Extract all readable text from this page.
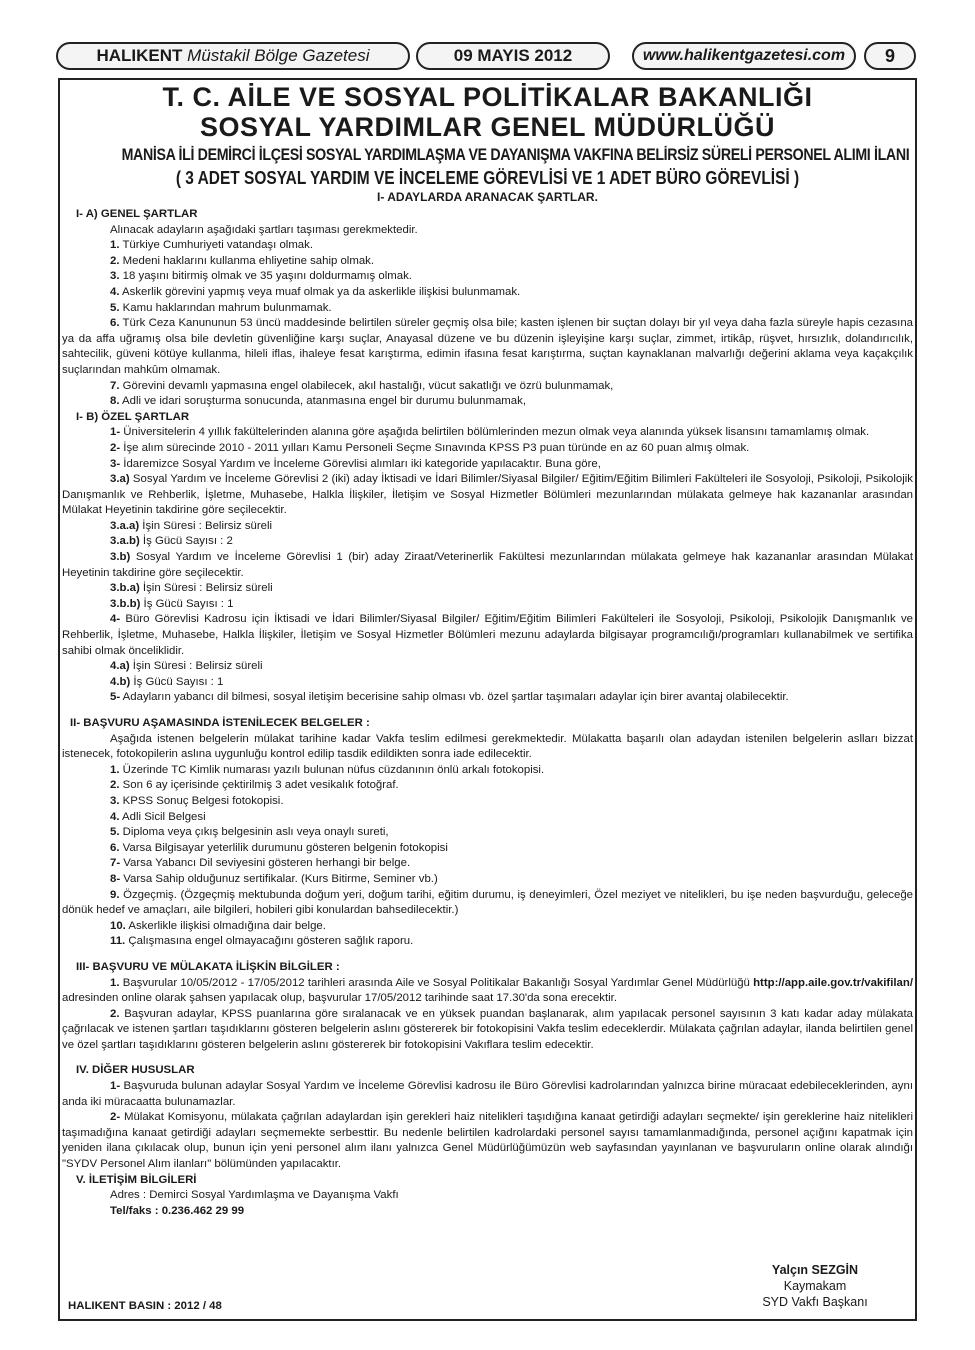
HALIKENT
Müstakil Bölge Gazetesi	09 MAYIS 2012	www.halikentgazetesi.com 9

T. C. AİLE VE SOSYAL POLİTİKALAR BAKANLIĞI

SOSYAL YARDIMLAR GENEL MÜDÜRLÜĞÜ

MANİSA İLİ DEMİRCİ İLÇESİ SOSYAL YARDIMLAŞMA VE DAYANIŞMA VAKFINA BELİRSİZ SÜRELİ PERSONEL ALIMI İLANI

( 3 ADET SOSYAL YARDIM VE İNCELEME GÖREVLİSİ VE 1 ADET BÜRO GÖREVLİSİ )

I- ADAYLARDA ARANACAK ŞARTLAR.

I- A) GENEL ŞARTLAR

Alınacak adayların aşağıdaki şartları taşıması gerekmektedir.

1. Türkiye Cumhuriyeti vatandaşı olmak.

2. Medeni haklarını kullanma ehliyetine sahip olmak.

3. 18 yaşını bitirmiş olmak ve 35 yaşını doldurmamış olmak.

4. Askerlik görevini yapmış veya muaf olmak ya da askerlikle ilişkisi bulunmamak.

5. Kamu haklarından mahrum bulunmamak.

6. Türk Ceza Kanununun 53 üncü maddesinde belirtilen süreler geçmiş olsa bile; kasten işlenen bir suçtan dolayı bir yıl veya daha fazla süreyle hapis cezasına ya da affa uğramış olsa bile devletin güvenliğine karşı suçlar, Anayasal düzene ve bu düzenin işleyişine karşı suçlar, zimmet, irtikâp, rüşvet, hırsızlık, dolandırıcılık, sahtecilik, güveni kötüye kullanma, hileli iflas, ihaleye fesat karıştırma, edimin ifasına fesat karıştırma, suçtan kaynaklanan malvarlığı değerini aklama veya kaçakçılık suçlarından mahkûm olmamak.

7. Görevini devamlı yapmasına engel olabilecek, akıl hastalığı, vücut sakatlığı ve özrü bulunmamak,

8. Adli ve idari soruşturma sonucunda, atanmasına engel bir durumu bulunmamak,

I- B) ÖZEL ŞARTLAR

1- Üniversitelerin 4 yıllık fakültelerinden alanına göre aşağıda belirtilen bölümlerinden mezun olmak veya alanında yüksek lisansını tamamlamış olmak.

2- İşe alım sürecinde 2010 - 2011 yılları Kamu Personeli Seçme Sınavında KPSS P3 puan türünde en az 60 puan almış olmak.

3- İdaremizce Sosyal Yardım ve İnceleme Görevlisi alımları iki kategoride yapılacaktır. Buna göre,

3.a) Sosyal Yardım ve İnceleme Görevlisi 2 (iki) aday İktisadi ve İdari Bilimler/Siyasal Bilgiler/ Eğitim/Eğitim Bilimleri Fakülteleri ile Sosyoloji, Psikoloji, Psikolojik Danışmanlık ve Rehberlik, İşletme, Muhasebe, Halkla İlişkiler, İletişim ve Sosyal Hizmetler Bölümleri mezunlarından mülakata gelmeye hak kazananlar arasından Mülakat Heyetinin takdirine göre seçilecektir.

3.a.a) İşin Süresi : Belirsiz süreli

3.a.b) İş Gücü Sayısı : 2

3.b) Sosyal Yardım ve İnceleme Görevlisi 1 (bir) aday Ziraat/Veterinerlik Fakültesi mezunlarından mülakata gelmeye hak kazananlar arasından Mülakat Heyetinin takdirine göre seçilecektir.

3.b.a) İşin Süresi : Belirsiz süreli

3.b.b) İş Gücü Sayısı : 1

4- Büro Görevlisi Kadrosu için İktisadi ve İdari Bilimler/Siyasal Bilgiler/ Eğitim/Eğitim Bilimleri Fakülteleri ile Sosyoloji, Psikoloji, Psikolojik Danışmanlık ve Rehberlik, İşletme, Muhasebe, Halkla İlişkiler, İletişim ve Sosyal Hizmetler Bölümleri mezunu adaylarda bilgisayar programcılığı/programları kullanabilmek ve sertifika sahibi olmak önceliklidir.

4.a) İşin Süresi : Belirsiz süreli

4.b) İş Gücü Sayısı : 1

5- Adayların yabancı dil bilmesi, sosyal iletişim becerisine sahip olması vb. özel şartlar taşımaları adaylar için birer avantaj olabilecektir.

II- BAŞVURU AŞAMASINDA İSTENİLECEK BELGELER :

Aşağıda istenen belgelerin mülakat tarihine kadar Vakfa teslim edilmesi gerekmektedir. Mülakatta başarılı olan adaydan istenilen belgelerin aslları bizzat istenecek, fotokopilerin aslına uygunluğu kontrol edilip tasdik edildikten sonra iade edilecektir.

1. Üzerinde TC Kimlik numarası yazılı bulunan nüfus cüzdanının önlü arkalı fotokopisi.

2. Son 6 ay içerisinde çektirilmiş 3 adet vesikalık fotoğraf.

3. KPSS Sonuç Belgesi fotokopisi.

4. Adli Sicil Belgesi

5. Diploma veya çıkış belgesinin aslı veya onaylı sureti,

6. Varsa Bilgisayar yeterlilik durumunu gösteren belgenin fotokopisi

7- Varsa Yabancı Dil seviyesini gösteren herhangi bir belge.

8- Varsa Sahip olduğunuz sertifikalar. (Kurs Bitirme, Seminer vb.)

9. Özgeçmiş. (Özgeçmiş mektubunda doğum yeri, doğum tarihi, eğitim durumu, iş deneyimleri, Özel meziyet ve nitelikleri, bu işe neden başvurduğu, geleceğe dönük hedef ve amaçları, aile bilgileri, hobileri gibi konulardan bahsedilecektir.)

10. Askerlikle ilişkisi olmadığına dair belge.

11. Çalışmasına engel olmayacağını gösteren sağlık raporu.

III- BAŞVURU VE MÜLAKATA İLİŞKİN BİLGİLER :

1. Başvurular 10/05/2012 - 17/05/2012 tarihleri arasında Aile ve Sosyal Politikalar Bakanlığı Sosyal Yardımlar Genel Müdürlüğü http://app.aile.gov.tr/vakifilan/ adresinden online olarak şahsen yapılacak olup, başvurular 17/05/2012 tarihinde saat 17.30'da sona erecektir.

2. Başvuran adaylar, KPSS puanlarına göre sıralanacak ve en yüksek puandan başlanarak, alım yapılacak personel sayısının 3 katı kadar aday mülakata çağrılacak ve istenen şartları taşıdıklarını gösteren belgelerin aslını göstererek bir fotokopisini Vakfa teslim edeceklerdir. Mülakata çağrılan adaylar, ilanda belirtilen genel ve özel şartları taşıdıklarını gösteren belgelerin aslını göstererek bir fotokopisini Vakıflara teslim edecektir.

IV. DİĞER HUSUSLAR

1- Başvuruda bulunan adaylar Sosyal Yardım ve İnceleme Görevlisi kadrosu ile Büro Görevlisi kadrolarından yalnızca birine müracaat edebileceklerinden, aynı anda iki müracaatta bulunamazlar.

2- Mülakat Komisyonu, mülakata çağrılan adaylardan işin gerekleri haiz nitelikleri taşıdığına kanaat getirdiği adayları seçmekte/ işin gereklerine haiz nitelikleri taşımadığına kanaat getirdiği adayları seçmemekte serbesttir. Bu nedenle belirtilen kadrolardaki personel sayısı tamamlanmadığında, personel açığını kapatmak için yeniden ilana çıkılacak olup, bunun için yeni personel alım ilanı yalnızca Genel Müdürlüğümüzün web sayfasından yayınlanan ve başvuruların online olarak alındığı "SYDV Personel Alım ilanları" bölümünden yapılacaktır.

V. İLETİŞİM BİLGİLERİ
Adres : Demirci Sosyal Yardımlaşma ve Dayanışma Vakfı
Tel/faks : 0.236.462 29 99
Yalçın SEZGİN
Kaymakam
SYD Vakfı Başkanı
HALIKENT BASIN : 2012 / 48
